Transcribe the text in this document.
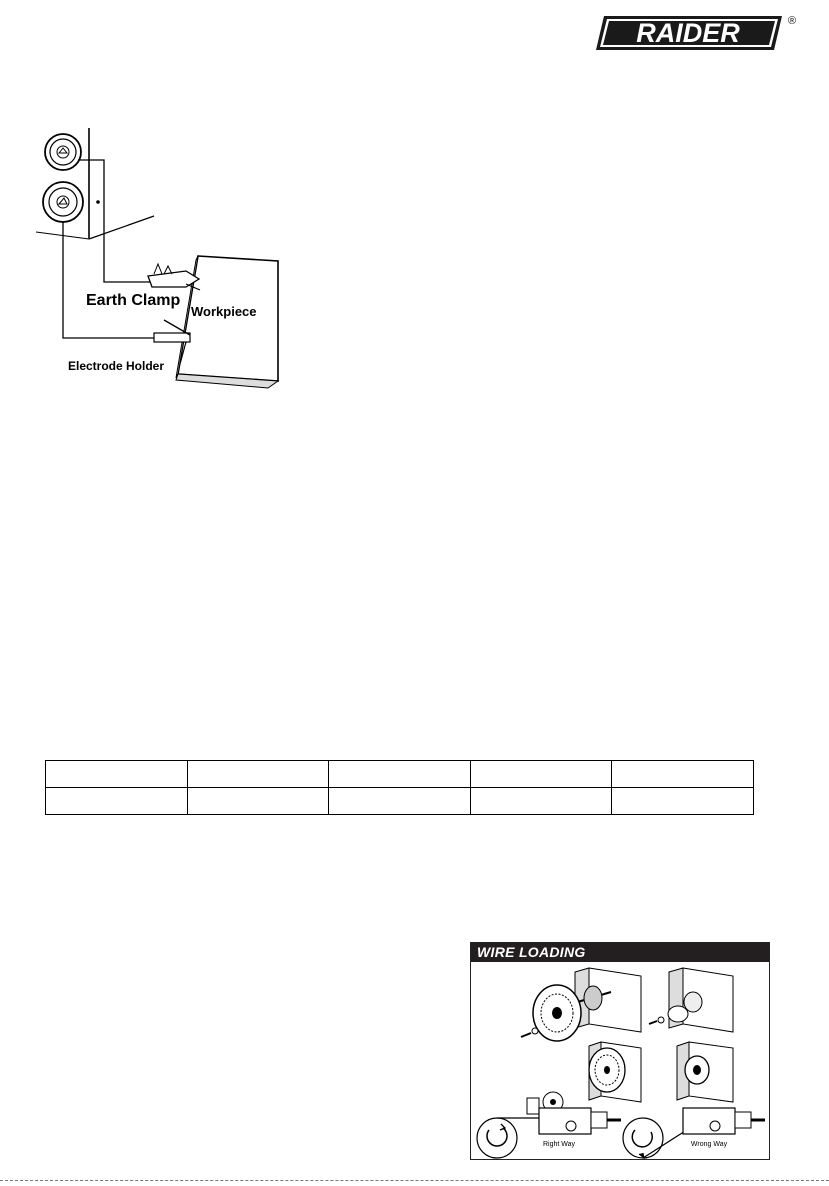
RAIDER	®
Earth Clamp
Workpiece
Electrode Holder

WIRE LOADING
Right Way	Wrong Way
